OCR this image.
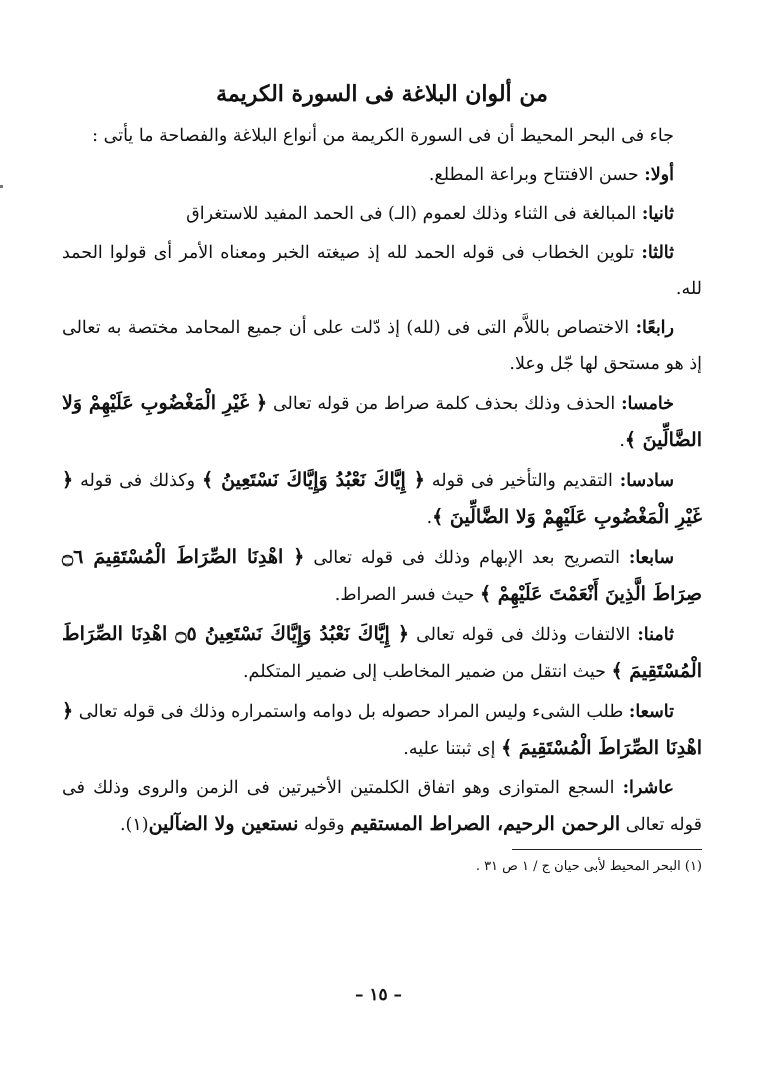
من ألوان البلاغة فى السورة الكريمة

جاء فى البحر المحيط أن فى السورة الكريمة من أنواع البلاغة والفصاحة ما يأتى :

أولا: حسن الافتتاح وبراعة المطلع.

ثانيا: المبالغة فى الثناء وذلك لعموم (الـ) فى الحمد المفيد للاستغراق

ثالثا: تلوين الخطاب فى قوله الحمد لله إذ صيغته الخبر ومعناه الأمر أى قولوا الحمد لله.

رابعًا: الاختصاص باللاَّم التى فى (لله) إذ دّلت على أن جميع المحامد مختصة به تعالى إذ هو مستحق لها جّل وعلا.

خامسا: الحذف وذلك بحذف كلمة صراط من قوله تعالى ﴿ غَيْرِ الْمَغْضُوبِ عَلَيْهِمْ وَلا الضَّالِّينَ ﴾.

سادسا: التقديم والتأخير فى قوله ﴿ إِيَّاكَ نَعْبُدُ وَإِيَّاكَ نَسْتَعِينُ ﴾ وكذلك فى قوله ﴿ غَيْرِ الْمَغْضُوبِ عَلَيْهِمْ وَلا الضَّالِّينَ ﴾.

سابعا: التصريح بعد الإبهام وذلك فى قوله تعالى ﴿ اهْدِنَا الصِّرَاطَ الْمُسْتَقِيمَ ۝٦ صِرَاطَ الَّذِينَ أَنْعَمْتَ عَلَيْهِمْ ﴾ حيث فسر الصراط.

ثامنا: الالتفات وذلك فى قوله تعالى ﴿ إِيَّاكَ نَعْبُدُ وَإِيَّاكَ نَسْتَعِينُ ۝٥ اهْدِنَا الصِّرَاطَ الْمُسْتَقِيمَ ﴾ حيث انتقل من ضمير المخاطب إلى ضمير المتكلم.

تاسعا: طلب الشىء وليس المراد حصوله بل دوامه واستمراره وذلك فى قوله تعالى ﴿ اهْدِنَا الصِّرَاطَ الْمُسْتَقِيمَ ﴾ إى ثبتنا عليه.

عاشرا: السجع المتوازى وهو اتفاق الكلمتين الأخيرتين فى الزمن والروى وذلك فى قوله تعالى الرحمن الرحيم، الصراط المستقيم وقوله نستعين ولا الضآلين(١).

(١) البحر المحيط لأبى حيان ج / ١ ص ٣١ .
– ١٥ –
